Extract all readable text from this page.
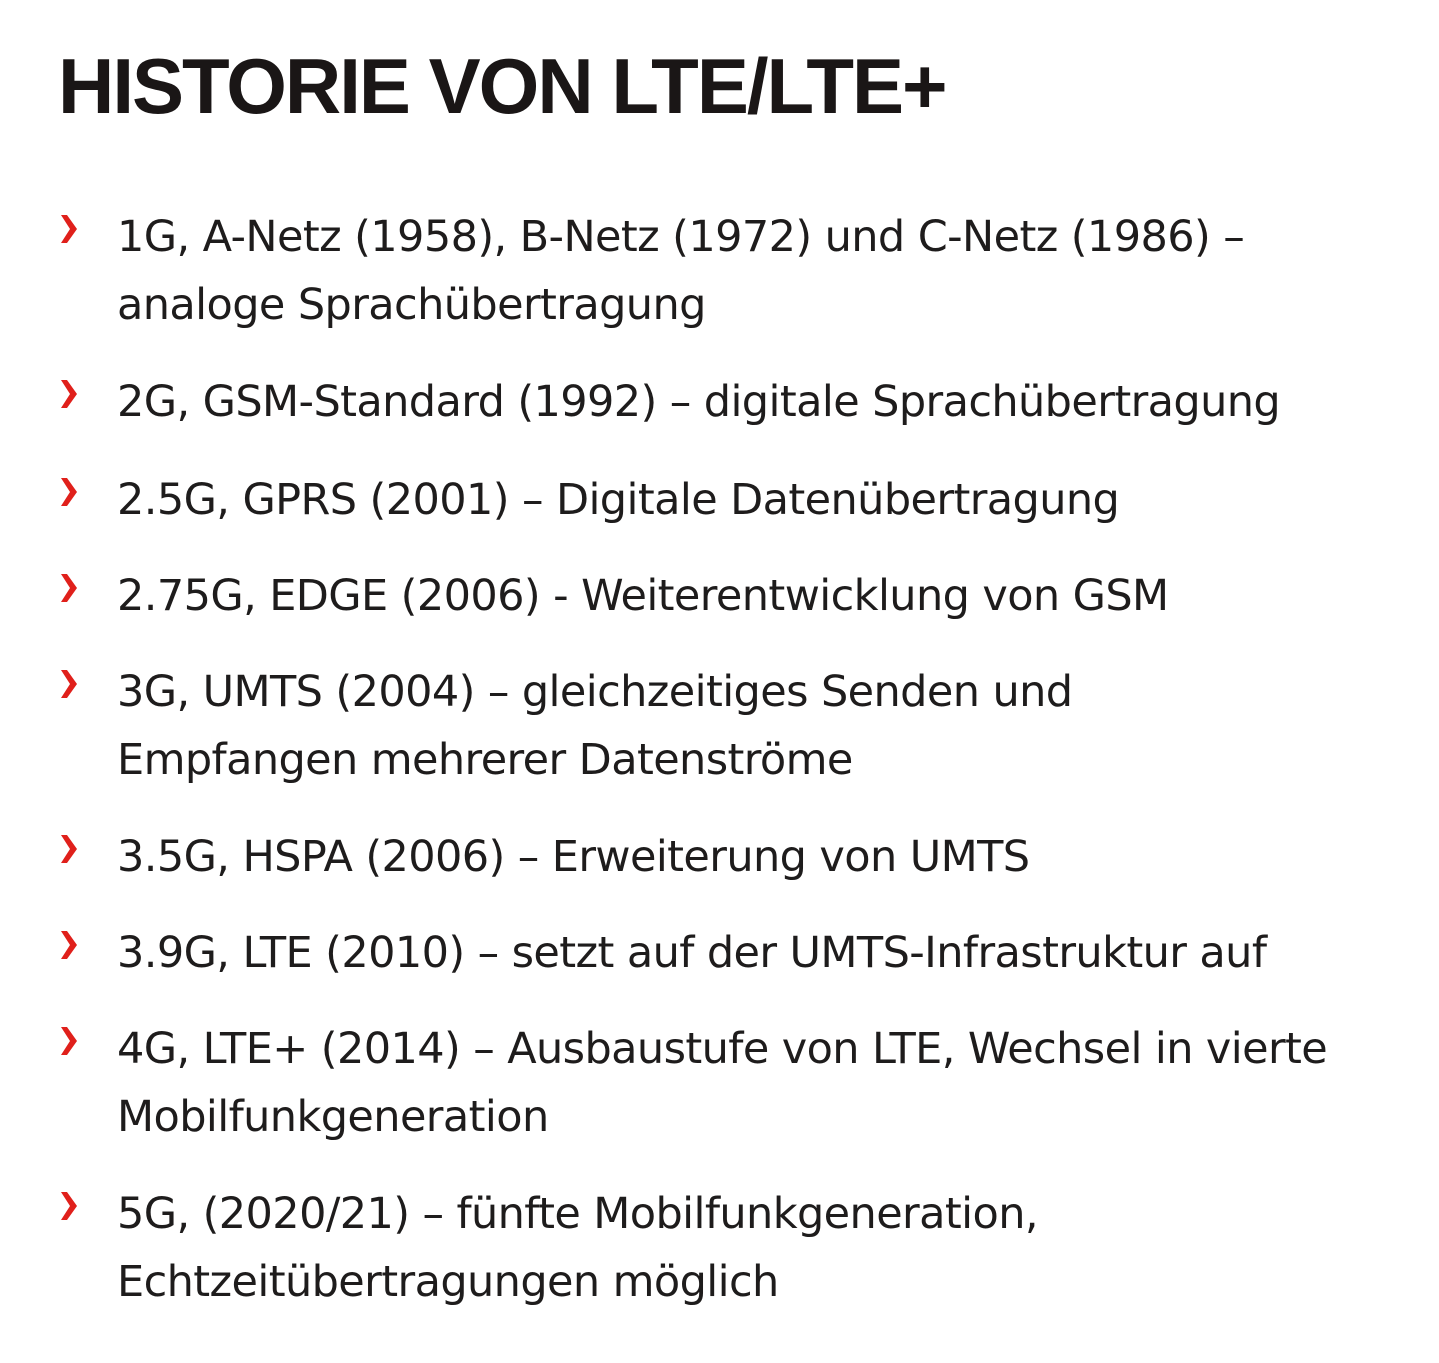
HISTORIE VON LTE/LTE+
1G, A-Netz (1958), B-Netz (1972) und C-Netz (1986) –
analoge Sprachübertragung
2G, GSM-Standard (1992) – digitale Sprachübertragung
2.5G, GPRS (2001) – Digitale Datenübertragung
2.75G, EDGE (2006) - Weiterentwicklung von GSM
3G, UMTS (2004) – gleichzeitiges Senden und
Empfangen mehrerer Datenströme
3.5G, HSPA (2006) – Erweiterung von UMTS
3.9G, LTE (2010) – setzt auf der UMTS-Infrastruktur auf
4G, LTE+ (2014) – Ausbaustufe von LTE, Wechsel in vierte
Mobilfunkgeneration
5G, (2020/21) – fünfte Mobilfunkgeneration,
Echtzeitübertragungen möglich
